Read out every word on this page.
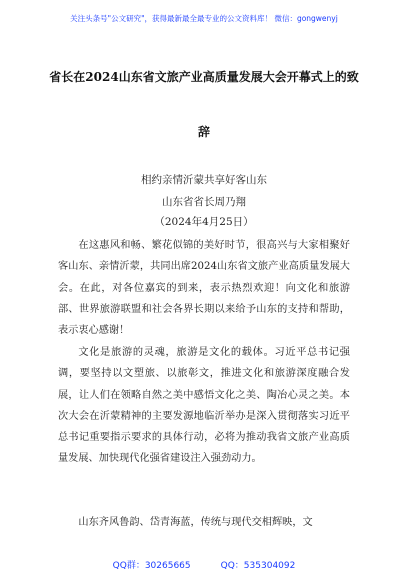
关注头条号"公文研究"，获得最新最全最专业的公文资料库！ 微信：gongwenyj
省长在2024山东省文旅产业高质量发展大会开幕式上的致
辞
相约亲情沂蒙共享好客山东
山东省省长周乃翔
（2024年4月25日）

在这惠风和畅、繁花似锦的美好时节，很高兴与大家相聚好客山东、亲情沂蒙，共同出席2024山东省文旅产业高质量发展大会。在此，对各位嘉宾的到来，表示热烈欢迎！向文化和旅游部、世界旅游联盟和社会各界长期以来给予山东的支持和帮助，表示衷心感谢！

文化是旅游的灵魂，旅游是文化的载体。习近平总书记强调，要坚持以文塑旅、以旅彰文，推进文化和旅游深度融合发展，让人们在领略自然之美中感悟文化之美、陶冶心灵之美。本次大会在沂蒙精神的主要发源地临沂举办是深入贯彻落实习近平总书记重要指示要求的具体行动，必将为推动我省文旅产业高质量发展、加快现代化强省建设注入强劲动力。

山东齐风鲁韵、岱青海蓝，传统与现代交相辉映，文

QQ群：30265665	QQ：535304092
